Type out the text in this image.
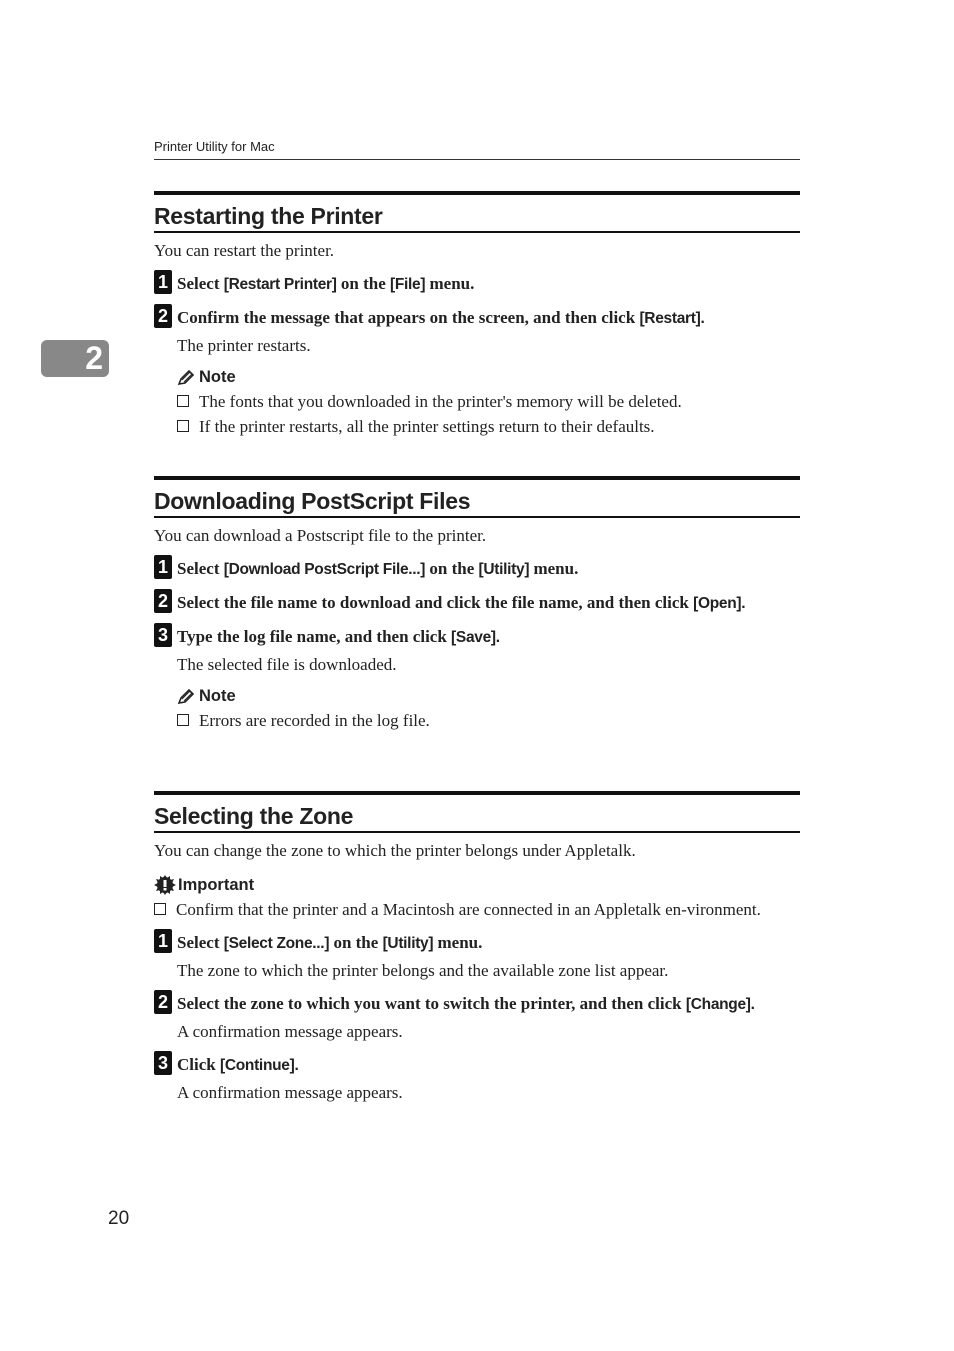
Printer Utility for Mac
2
Restarting the Printer
You can restart the printer.
1 Select [Restart Printer] on the [File] menu.
2 Confirm the message that appears on the screen, and then click [Restart].
The printer restarts.
Note
The fonts that you downloaded in the printer's memory will be deleted.
If the printer restarts, all the printer settings return to their defaults.
Downloading PostScript Files
You can download a Postscript file to the printer.
1 Select [Download PostScript File...] on the [Utility] menu.
2 Select the file name to download and click the file name, and then click [Open].
3 Type the log file name, and then click [Save].
The selected file is downloaded.
Note
Errors are recorded in the log file.
Selecting the Zone
You can change the zone to which the printer belongs under Appletalk.
Important
Confirm that the printer and a Macintosh are connected in an Appletalk en-vironment.
1 Select [Select Zone...] on the [Utility] menu.
The zone to which the printer belongs and the available zone list appear.
2 Select the zone to which you want to switch the printer, and then click [Change].
A confirmation message appears.
3 Click [Continue].
A confirmation message appears.
20
